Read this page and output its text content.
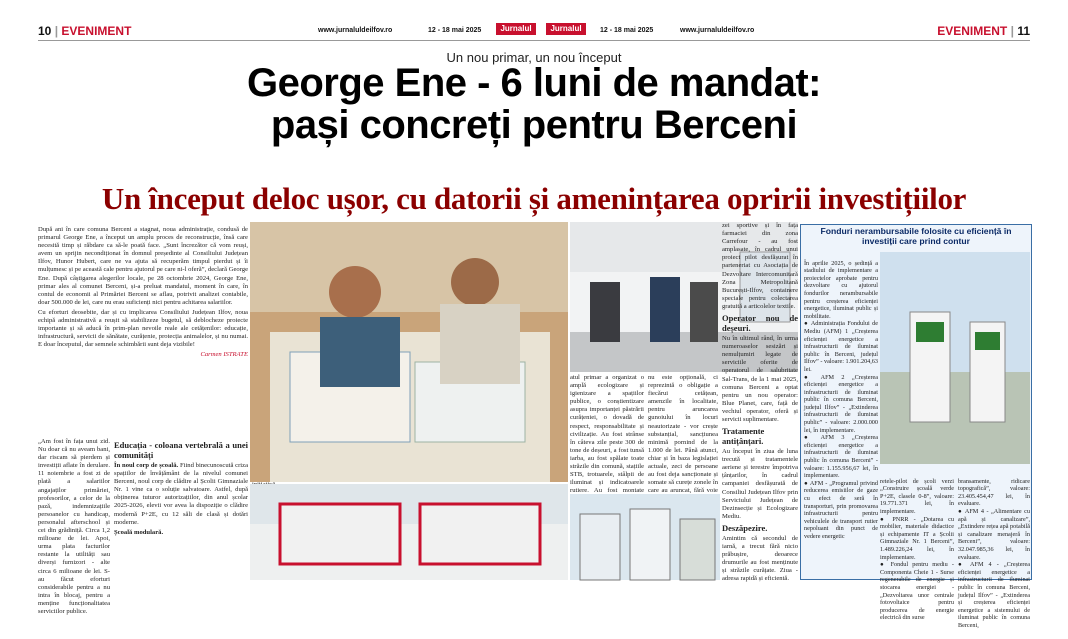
10 | EVENIMENT	www.jurnaluldeilfov.ro	12 - 18 mai 2025	Jurnalul	Jurnalul	12 - 18 mai 2025	www.jurnaluldeilfov.ro	EVENIMENT | 11
Un nou primar, un nou început
George Ene - 6 luni de mandat:
pași concreți pentru Berceni
Un început deloc ușor, cu datorii și amenințarea opririi investițiilor

După ani în care comuna Berceni a stagnat, noua administrație, condusă de primarul George Ene, a început un amplu proces de reconstrucție, însă care necesită timp și răbdare ca să-le poată face. „Sunt încrezător că vom reuși, avem un sprijin necondiționat în domnul președinte al Consiliului Județean Ilfov, Hunor Hubert, care ne va ajuta să recuperăm timpul pierdut și îi mulțumesc și pe această cale pentru ajutorul pe care ni-l oferă”, declară George Ene. După câștigarea alegerilor locale, pe 28 octombrie 2024, George Ene, primar ales al comunei Berceni, și-a preluat mandatul, moment în care, în contul de economii al Primăriei Berceni se aflau, potrivit analizei contabile, doar 500.000 de lei, care nu erau suficienți nici pentru achitarea salariilor.

Cu eforturi deosebite, dar și cu implicarea Consiliului Județean Ilfov, noua echipă administrativă a reușit să stabilizeze bugetul, să deblocheze proiecte importante și să aducă în prim-plan nevoile reale ale cetățenilor: educație, infrastructură, servicii de sănătate, curățenie, protecția animalelor, și nu numai. E doar începutul, dar semnele schimbării sunt deja vizibile!

Carmen ISTRATE

„Am fost în fața unui zid. Nu doar că nu aveam bani, dar riscam să pierdem și investiții aflate în derulare. 11 noiembrie a fost zi de plată a salariilor angajaților primăriei, profesorilor, a celor de la pază, indemnizațiile persoanelor cu handicap, personalul afterschool și cei din grădiniță. Circa 1,2 milioane de lei. Apoi, urma plata facturilor restante la utilități sau diverși furnizori - alte circa 6 milioane de lei. S-au făcut eforturi considerabile pentru a nu intra în blocaj, pentru a menține funcționalitatea serviciilor publice.

Educația - coloana vertebrală a unei comunități

În noul corp de școală. Fiind binecunoscută criza spațiilor de învățământ de la nivelul comunei Berceni, noul corp de clădire al Școlii Gimnaziale Nr. 1 vine ca o soluție salvatoare. Astfel, după obținerea tuturor autorizațiilor, din anul școlar 2025-2026, elevii vor avea la dispoziție o clădire modernă P+2E, cu 12 săli de clasă și dotări moderne.

Școală modulară.

atul primar a organizat o amplă ecologizare și igienizare a spațiilor publice, o conștientizare asupra importanței păstrării curățeniei, o dovadă de respect, responsabilitate și civilizație. Au fost strânse în câteva zile peste 300 de tone de deșeuri, a fost tunsă iarba, au fost spălate toate străzile din comună, stațiile STB, trotuarele, stâlpii de iluminat și indicatoarele rutiere. Au fost montate

nu este opțională, ci reprezintă o obligație a fiecărui cetățean, amenzile în localitate, pentru aruncarea gunoiului în locuri neautorizate - vor crește substanțial, sancțiunea minimă pornind de la 1.000 de lei. Până atunci, chiar și în baza legislației actuale, zeci de persoane au fost deja sancționate și somate să curețe zonele în care au aruncat, fără voie

zei sportive și în fața farmaciei din zona Carrefour - au fost amplasate, în cadrul unui proiect pilot desfășurat în parteneriat cu Asociația de Dezvoltare Intercomunitară Zona Metropolitană București-Ilfov, containere speciale pentru colectarea gratuită a articolelor textile.

Operator nou de deșeuri.

Nu în ultimul rând, în urma numeroaselor sesizări și nemulțumiri legate de serviciile oferite de operatorul de salubritate Sal-Trans, de la 1 mai 2025, comuna Berceni a optat pentru un nou operator: Blue Planet, care, față de vechiul operator, oferă și servicii suplimentare.

Tratamente antițânțari.

Au început în ziua de luna trecută și tratamentele aeriene și terestre împotriva țânțarilor, în cadrul campaniei desfășurată de Consiliul Județean Ilfov prin Serviciului Județean de Dezinsecție și Ecologizare Mediu.

Deszăpezire.

Amintim că secondul de iarnă, a trecut fără nicio prăbușire, deoarece drumurile au fost menținute și străzile curățate. Ziua - adresa rapidă și eficientă.

Fonduri nerambursabile folosite cu eficiență în investiții care prind contur

În aprilie 2025, o ședință a stadiului de implementare a proiectelor aprobate pentru dezvoltare cu ajutorul fondurilor nerambursabile pentru creșterea eficienței energetice, iluminat public și mobilitate.
● Administrația Fondului de Mediu (AFM) 1 „Creșterea eficienței energetice a infrastructurii de iluminat public în Berceni, județul Ilfov” - valoare: 1.901.204,63 lei.
● AFM 2 „Creșterea eficienței energetice a infrastructurii de iluminat public în comuna Berceni, județul Ilfov” - „Extinderea infrastructurii de iluminat public” - valoare: 2.000.000 lei, în implementare.
● AFM 3 „Creșterea eficienței energetice a infrastructurii de iluminat public în comuna Berceni” - valoare: 1.155.956,67 lei, în implementare.
● AFM - „Programul privind reducerea emisiilor de gaze cu efect de seră în transporturi, prin promovarea infrastructurii pentru vehiculele de transport rutier nepoluant din punct de vedere energetic

retele-pilot de școli verzi „Construire școală verde P+2E, clasele 0-8”, valoare: 19.771.371 lei, în implementare.
● PNRR - „Dotarea cu mobilier, materiale didactice și echipamente IT a Școlii Gimnaziale Nr. 1 Berceni”, 1.489.226,24 lei, în implementare.
● Fondul pentru mediu - Componenta Cheie 1 - Surse regenerabile de energie și stocarea energiei - „Dezvoltarea unor centrale fotovoltaice pentru producerea de energie electrică din surse

bransamente, ridicare topografică”, valoare: 23.405.454,47 lei, în evaluare.
● AFM 4 - „Alimentare cu apă și canalizare”, „Extindere rețea apă potabilă și canalizare menajeră în Berceni”, valoare: 32.047.985,36 lei, în evaluare.
● AFM 4 - „Creșterea eficienței energetice a infrastructurii de iluminat public în comuna Berceni, județul Ilfov” - „Extinderea și creșterea eficienței energetice a sistemului de iluminat public în comuna Berceni,
